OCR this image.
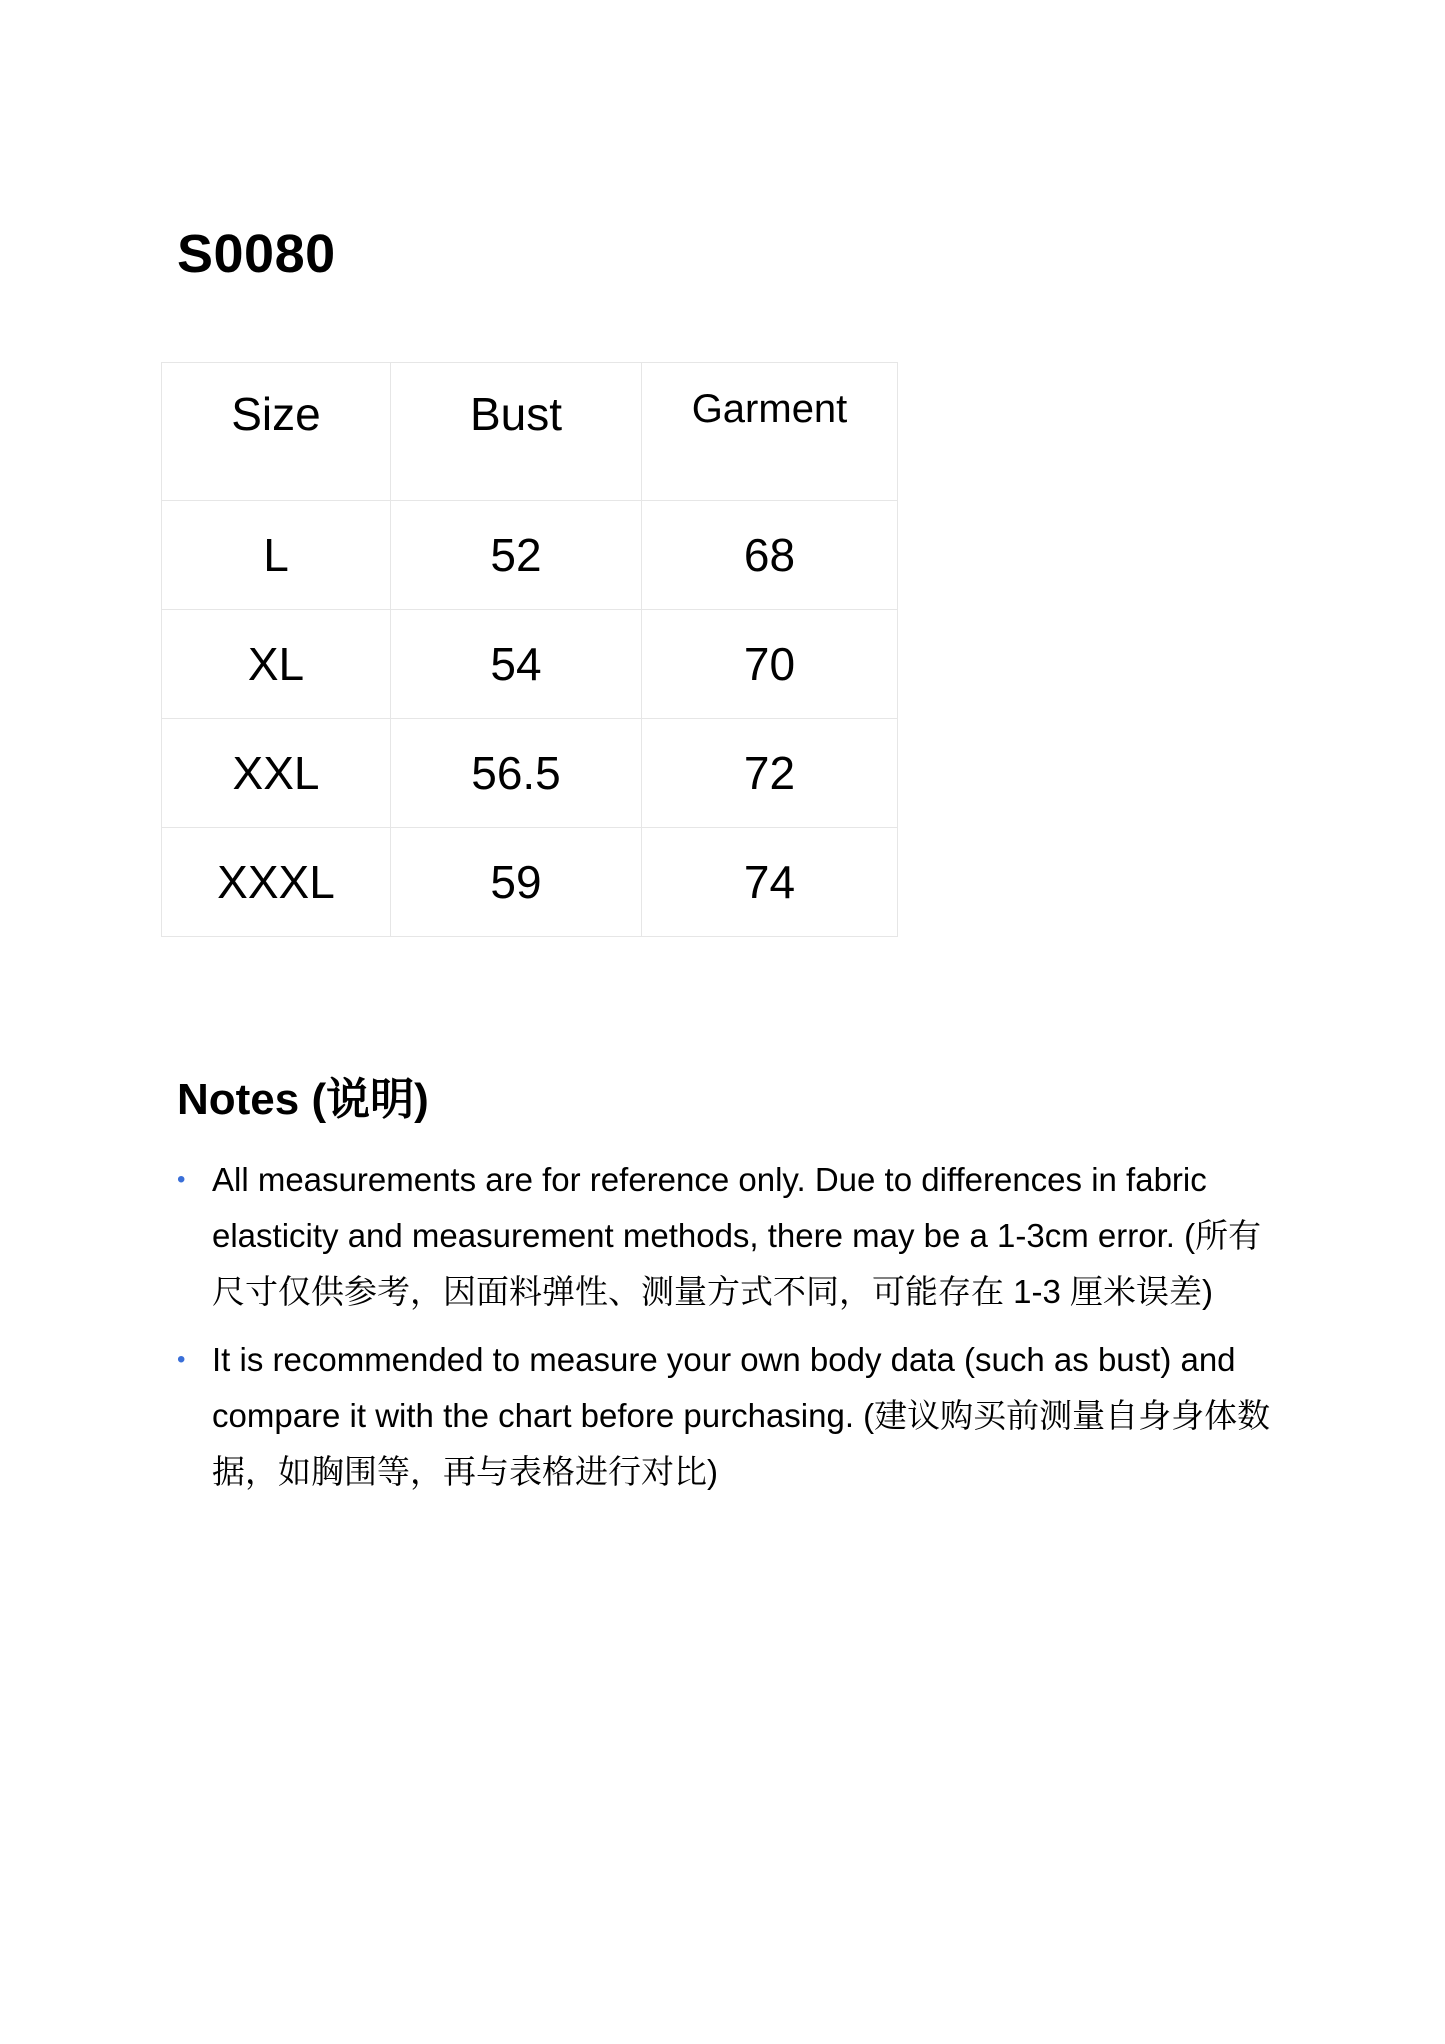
S0080
Size	Bust	Garment
L	52	68
XL	54	70
XXL	56.5	72
XXXL	59	74
Notes (说明)
• All measurements are for reference only. Due to differences in fabric elasticity and measurement methods, there may be a 1-3cm error. (所有尺寸仅供参考，因面料弹性、测量方式不同，可能存在 1-3 厘米误差)
• It is recommended to measure your own body data (such as bust) and compare it with the chart before purchasing. (建议购买前测量自身身体数据，如胸围等，再与表格进行对比)
